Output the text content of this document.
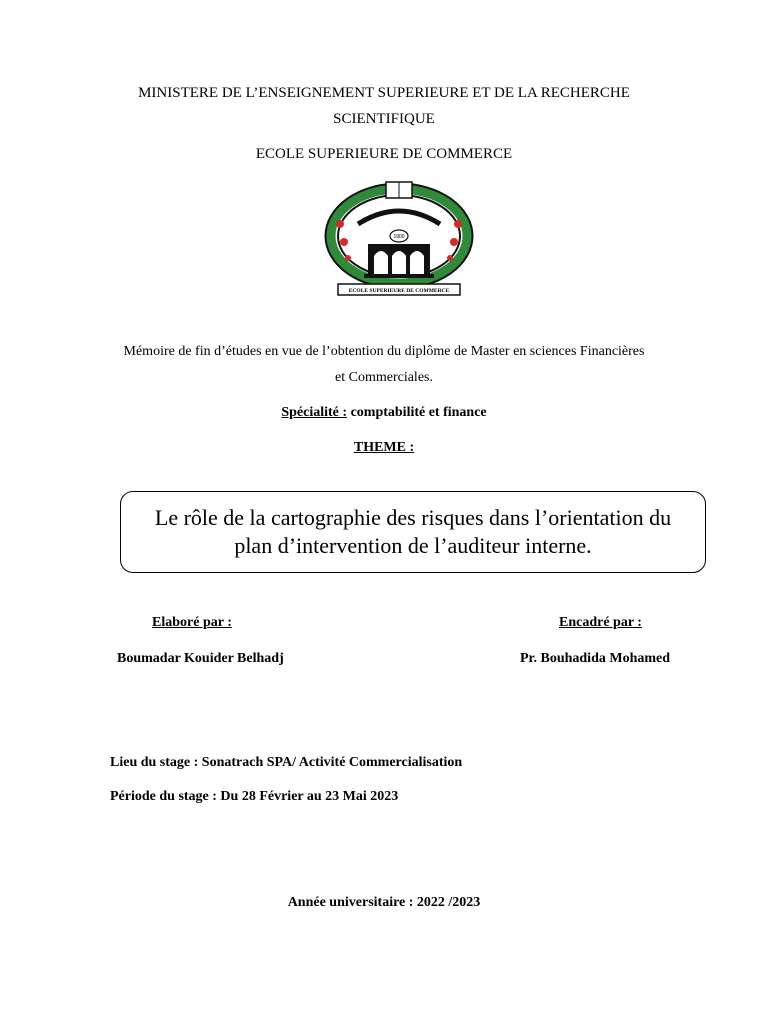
MINISTERE DE L’ENSEIGNEMENT SUPERIEURE ET DE LA RECHERCHE
SCIENTIFIQUE
ECOLE SUPERIEURE DE COMMERCE
1900
ECOLE SUPERIEURE DE COMMERCE
Mémoire de fin d’études en vue de l’obtention du diplôme de Master en sciences Financières
et Commerciales.
Spécialité : comptabilité et finance
THEME :
Le rôle de la cartographie des risques dans l’orientation du
plan d’intervention de l’auditeur interne.
Elaboré par :	Encadré par :
Boumadar Kouider Belhadj	Pr. Bouhadida Mohamed
Lieu du stage : Sonatrach SPA/ Activité Commercialisation
Période du stage : Du 28 Février au 23 Mai 2023
Année universitaire : 2022 /2023
